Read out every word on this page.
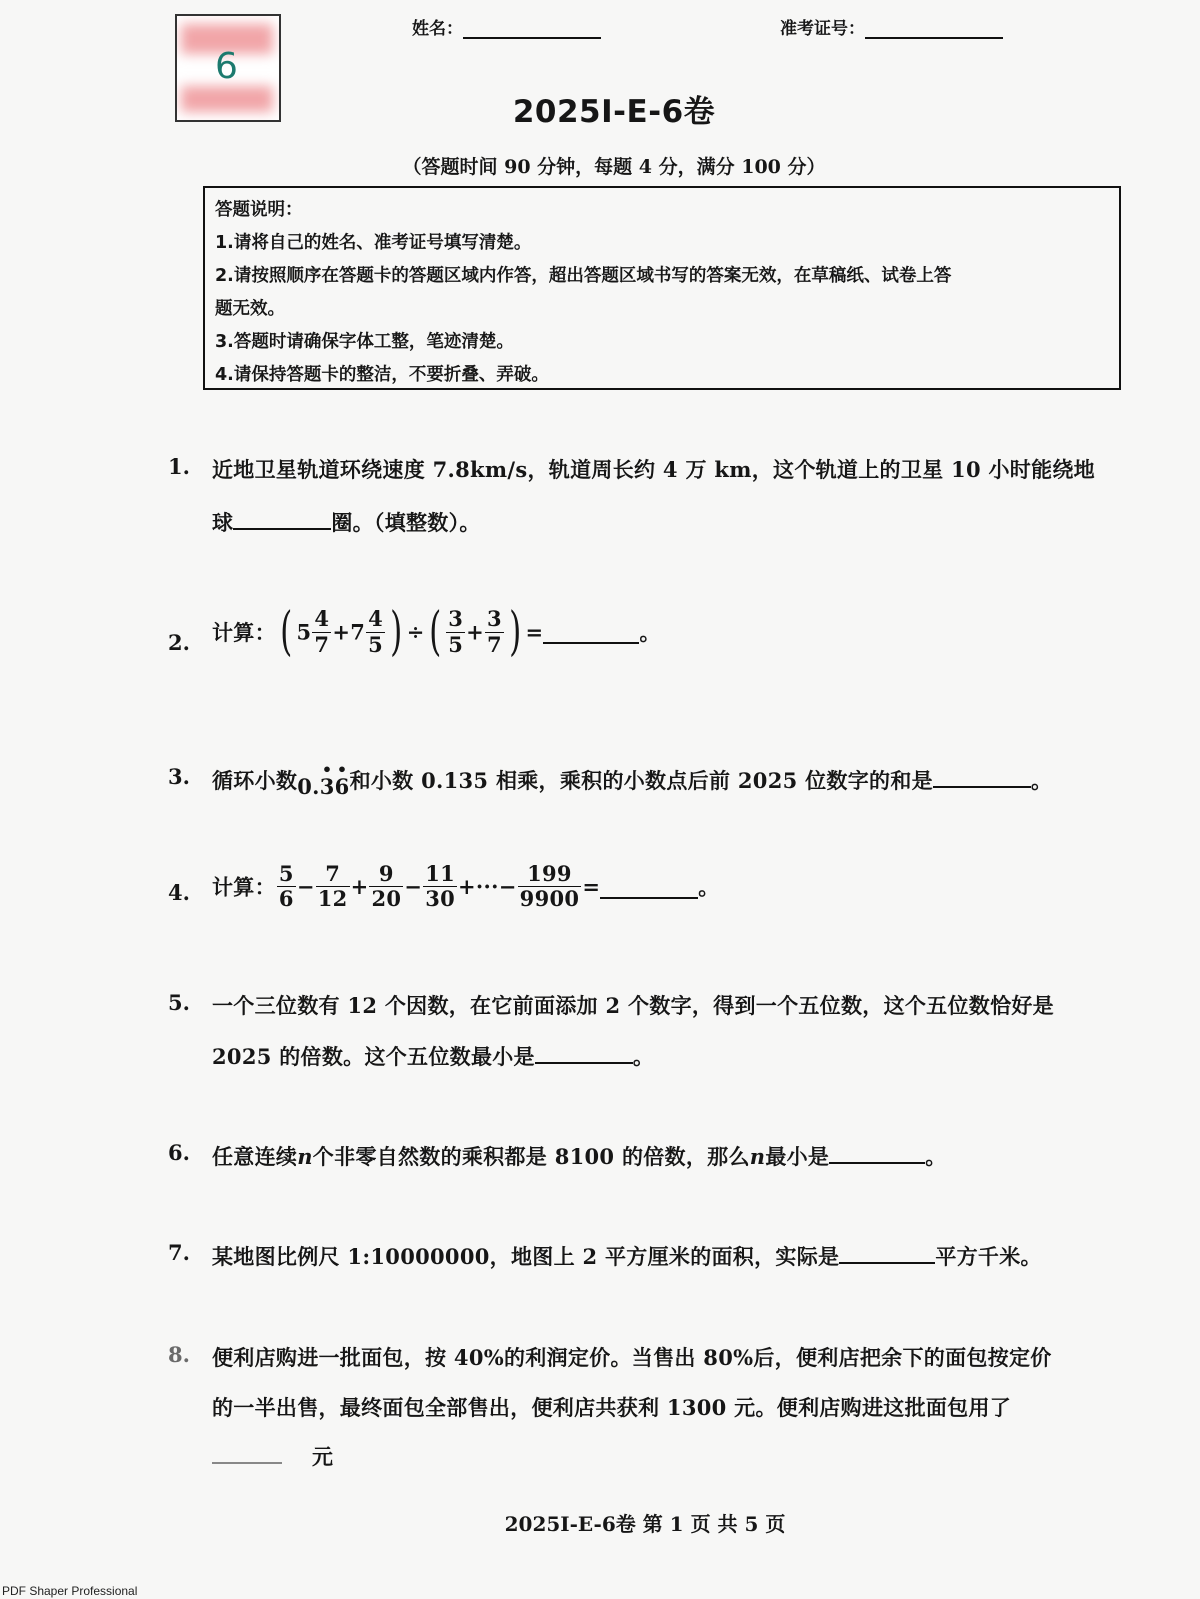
6
姓名：	准考证号：
2025I-E-6卷
（答题时间 90 分钟，每题 4 分，满分 100 分）
答题说明：
1.请将自己的姓名、准考证号填写清楚。
2.请按照顺序在答题卡的答题区域内作答，超出答题区域书写的答案无效，在草稿纸、试卷上答
题无效。
3.答题时请确保字体工整，笔迹清楚。
4.请保持答题卡的整洁，不要折叠、弄破。
1. 近地卫星轨道环绕速度 7.8km/s，轨道周长约 4 万 km，这个轨道上的卫星 10 小时能绕地
球	圈。（填整数）。
2. 计算：( $5 \frac{4}{7} +7 \frac{4}{5}$ ) ÷( $\frac{3}{5} + \frac{3}{7}$ ) =	。
3. 循环小数0.• 3• 6和小数 0.135 相乘，乘积的小数点后前 2025 位数字的和是	。
4. 计算： $\frac{5}{6} - \frac{7}{12} + \frac{9}{20} - \frac{11}{30}$ +···− $\frac{199}{9900}$ =	。
5. 一个三位数有 12 个因数，在它前面添加 2 个数字，得到一个五位数，这个五位数恰好是
2025 的倍数。这个五位数最小是	。
6. 任意连续n个非零自然数的乘积都是 8100 的倍数，那么n最小是	。
7. 某地图比例尺 1:10000000，地图上 2 平方厘米的面积，实际是	平方千米。
8. 便利店购进一批面包，按 40%的利润定价。当售出 80%后，便利店把余下的面包按定价
的一半出售，最终面包全部售出，便利店共获利 1300 元。便利店购进这批面包用了
元
2025I-E-6卷 第 1 页 共 5 页
PDF Shaper Professional
